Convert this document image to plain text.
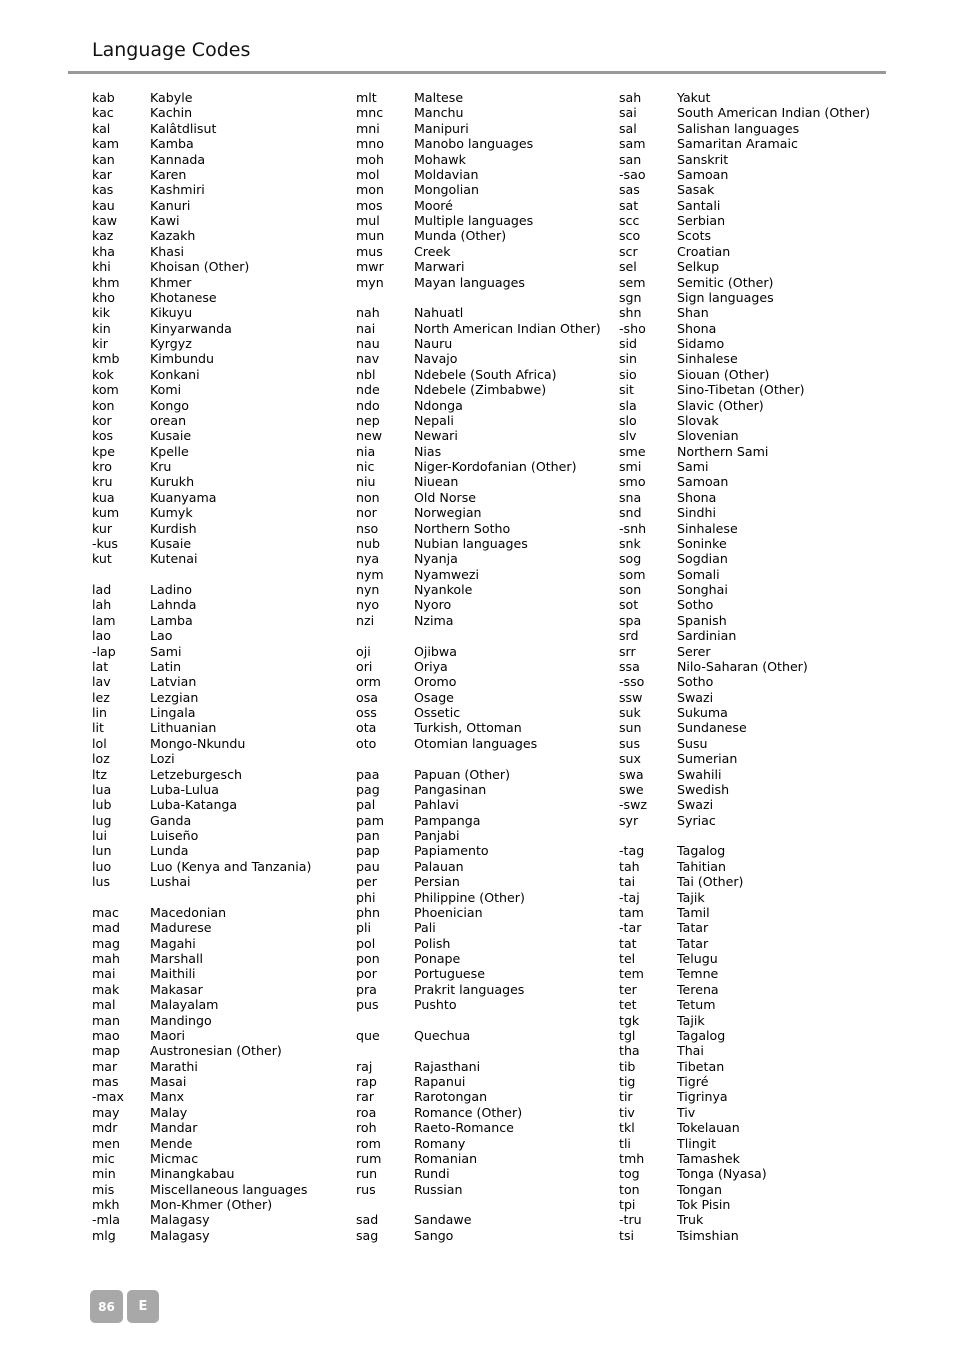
Language Codes
kab	Kabyle
kac	Kachin
kal	Kalâtdlisut
kam Kamba
kan	Kannada
kar	Karen
kas	Kashmiri
kau	Kanuri
kaw	Kawi
kaz	Kazakh
kha	Khasi
khi	Khoisan (Other)
khm Khmer
kho	Khotanese
kik	Kikuyu
kin	Kinyarwanda
kir	Kyrgyz
kmb Kimbundu
kok	Konkani
kom Komi
kon	Kongo
kor	orean
kos	Kusaie
kpe	Kpelle
kro	Kru
kru	Kurukh
kua	Kuanyama
kum Kumyk
kur	Kurdish
-kus	Kusaie
kut	Kutenai
lad	Ladino
lah	Lahnda
lam	Lamba
lao	Lao
-lap	Sami
lat	Latin
lav	Latvian
lez	Lezgian
lin	Lingala
lit	Lithuanian
lol	Mongo-Nkundu
loz	Lozi
ltz	Letzeburgesch
lua	Luba-Lulua
lub	Luba-Katanga
lug	Ganda
lui	Luiseño
lun	Lunda
luo	Luo (Kenya and Tanzania)
lus	Lushai
mac Macedonian
mad Madurese
mag Magahi
mah Marshall
mai	Maithili
mak Makasar
mal	Malayalam
man Mandingo
mao Maori
map Austronesian (Other)
mar	Marathi
mas Masai
-max Manx
may Malay
mdr	Mandar
men Mende
mic	Micmac
min	Minangkabau
mis	Miscellaneous languages
mkh Mon-Khmer (Other)
-mla Malagasy
mlg	Malagasy
mlt	Maltese
mnc Manchu
mni	Manipuri
mno Manobo languages
moh Mohawk
mol	Moldavian
mon Mongolian
mos Mooré
mul	Multiple languages
mun Munda (Other)
mus Creek
mwr Marwari
myn Mayan languages
nah	Nahuatl
nai	North American Indian Other)
nau	Nauru
nav	Navajo
nbl	Ndebele (South Africa)
nde	Ndebele (Zimbabwe)
ndo	Ndonga
nep	Nepali
new	Newari
nia	Nias
nic	Niger-Kordofanian (Other)
niu	Niuean
non	Old Norse
nor	Norwegian
nso	Northern Sotho
nub	Nubian languages
nya	Nyanja
nym Nyamwezi
nyn	Nyankole
nyo	Nyoro
nzi	Nzima
oji	Ojibwa
ori	Oriya
orm	Oromo
osa	Osage
oss	Ossetic
ota	Turkish, Ottoman
oto	Otomian languages
paa	Papuan (Other)
pag	Pangasinan
pal	Pahlavi
pam Pampanga
pan	Panjabi
pap	Papiamento
pau	Palauan
per	Persian
phi	Philippine (Other)
phn	Phoenician
pli	Pali
pol	Polish
pon	Ponape
por	Portuguese
pra	Prakrit languages
pus	Pushto
que	Quechua
raj	Rajasthani
rap	Rapanui
rar	Rarotongan
roa	Romance (Other)
roh	Raeto-Romance
rom	Romany
rum	Romanian
run	Rundi
rus	Russian
sad	Sandawe
sag	Sango
sah	Yakut
sai	South American Indian (Other)
sal	Salishan languages
sam Samaritan Aramaic
san	Sanskrit
-sao Samoan
sas	Sasak
sat	Santali
scc	Serbian
sco	Scots
scr	Croatian
sel	Selkup
sem Semitic (Other)
sgn	Sign languages
shn	Shan
-sho Shona
sid	Sidamo
sin	Sinhalese
sio	Siouan (Other)
sit	Sino-Tibetan (Other)
sla	Slavic (Other)
slo	Slovak
slv	Slovenian
sme Northern Sami
smi	Sami
smo Samoan
sna	Shona
snd	Sindhi
-snh Sinhalese
snk	Soninke
sog	Sogdian
som Somali
son	Songhai
sot	Sotho
spa	Spanish
srd	Sardinian
srr	Serer
ssa	Nilo-Saharan (Other)
-sso	Sotho
ssw	Swazi
suk	Sukuma
sun	Sundanese
sus	Susu
sux	Sumerian
swa	Swahili
swe	Swedish
-swz Swazi
syr	Syriac
-tag	Tagalog
tah	Tahitian
tai	Tai (Other)
-taj	Tajik
tam	Tamil
-tar	Tatar
tat	Tatar
tel	Telugu
tem	Temne
ter	Terena
tet	Tetum
tgk	Tajik
tgl	Tagalog
tha	Thai
tib	Tibetan
tig	Tigré
tir	Tigrinya
tiv	Tiv
tkl	Tokelauan
tli	Tlingit
tmh	Tamashek
tog	Tonga (Nyasa)
ton	Tongan
tpi	Tok Pisin
-tru	Truk
tsi	Tsimshian
86	E
